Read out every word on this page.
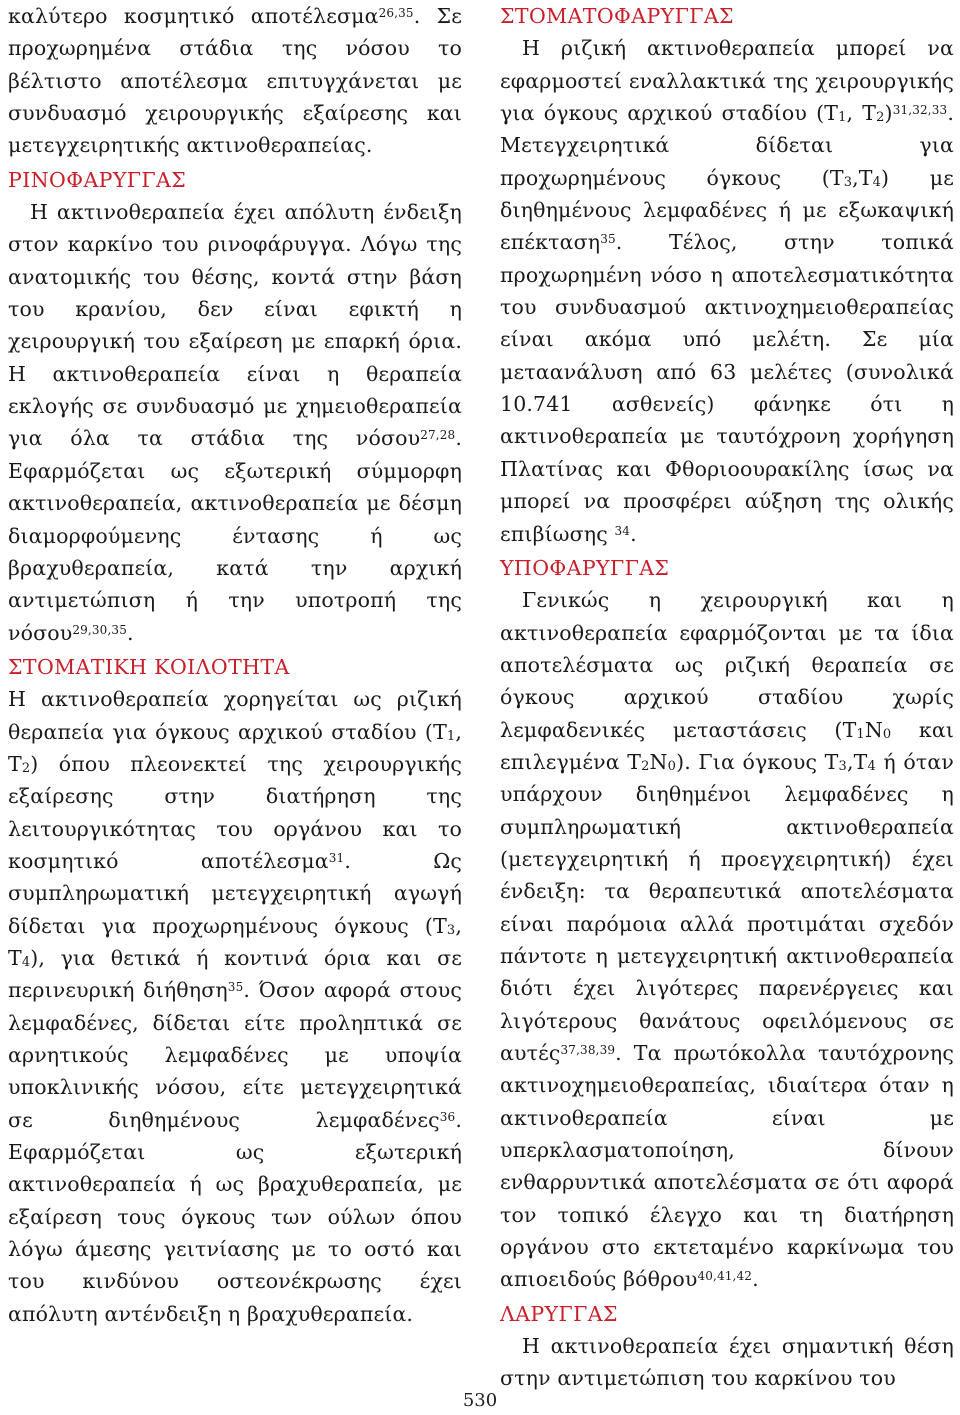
καλύτερο κοσμητικό αποτέλεσμα$^{26,35}$. Σε προχωρημένα στάδια της νόσου το βέλτιστο αποτέλεσμα επιτυγχάνεται με συνδυασμό χειρουργικής εξαίρεσης και μετεγχειρητικής ακτινοθεραπείας.

ΡΙΝΟΦΑΡΥΓΓΑΣ

Η ακτινοθεραπεία έχει απόλυτη ένδειξη στον καρκίνο του ρινοφάρυγγα. Λόγω της ανατομικής του θέσης, κοντά στην βάση του κρανίου, δεν είναι εφικτή η χειρουργική του εξαίρεση με επαρκή όρια. Η ακτινοθεραπεία είναι η θεραπεία εκλογής σε συνδυασμό με χημειοθεραπεία για όλα τα στάδια της νόσου$^{27,28}$. Εφαρμόζεται ως εξωτερική σύμμορφη ακτινοθεραπεία, ακτινοθεραπεία με δέσμη διαμορφούμενης έντασης ή ως βραχυθεραπεία, κατά την αρχική αντιμετώπιση ή την υποτροπή της νόσου$^{29,30,35}$.

ΣΤΟΜΑΤΙΚΗ ΚΟΙΛΟΤΗΤΑ

Η ακτινοθεραπεία χορηγείται ως ριζική θεραπεία για όγκους αρχικού σταδίου ($T_1$, $T_2$) όπου πλεονεκτεί της χειρουργικής εξαίρεσης στην διατήρηση της λειτουργικότητας του οργάνου και το κοσμητικό αποτέλεσμα$^{31}$. Ως συμπληρωματική μετεγχειρητική αγωγή δίδεται για προχωρημένους όγκους ($T_3$, $T_4$), για θετικά ή κοντινά όρια και σε περινευρική διήθηση$^{35}$. Όσον αφορά στους λεμφαδένες, δίδεται είτε προληπτικά σε αρνητικούς λεμφαδένες με υποψία υποκλινικής νόσου, είτε μετεγχειρητικά σε διηθημένους λεμφαδένες$^{36}$. Εφαρμόζεται ως εξωτερική ακτινοθεραπεία ή ως βραχυθεραπεία, με εξαίρεση τους όγκους των ούλων όπου λόγω άμεσης γειτνίασης με το οστό και του κινδύνου οστεονέκρωσης έχει απόλυτη αντένδειξη η βραχυθεραπεία.

ΣΤΟΜΑΤΟΦΑΡΥΓΓΑΣ

Η ριζική ακτινοθεραπεία μπορεί να εφαρμοστεί εναλλακτικά της χειρουργικής για όγκους αρχικού σταδίου ($T_1$, $T_2)^{31,32,33}$. Μετεγχειρητικά δίδεται για προχωρημένους όγκους $(T_3,T_4)$ με διηθημένους λεμφαδένες ή με εξωκαψική επέκταση$^{35}$. Τέλος, στην τοπικά προχωρημένη νόσο η αποτελεσματικότητα του συνδυασμού ακτινοχημειοθεραπείας είναι ακόμα υπό μελέτη. Σε μία μεταανάλυση από 63 μελέτες (συνολικά 10.741 ασθενείς) φάνηκε ότι η ακτινοθεραπεία με ταυτόχρονη χορήγηση Πλατίνας και Φθοριοουρακίλης ίσως να μπορεί να προσφέρει αύξηση της ολικής επιβίωσης $^{34}$.

ΥΠΟΦΑΡΥΓΓΑΣ

Γενικώς η χειρουργική και η ακτινοθεραπεία εφαρμόζονται με τα ίδια αποτελέσματα ως ριζική θεραπεία σε όγκους αρχικού σταδίου χωρίς λεμφαδενικές μεταστάσεις ($T_1N_0$ και επιλεγμένα $T_2N_0$). Για όγκους $T_3,T_4$ ή όταν υπάρχουν διηθημένοι λεμφαδένες η συμπληρωματική ακτινοθεραπεία (μετεγχειρητική ή προεγχειρητική) έχει ένδειξη: τα θεραπευτικά αποτελέσματα είναι παρόμοια αλλά προτιμάται σχεδόν πάντοτε η μετεγχειρητική ακτινοθεραπεία διότι έχει λιγότερες παρενέργειες και λιγότερους θανάτους οφειλόμενους σε αυτές$^{37,38,39}$. Τα πρωτόκολλα ταυτόχρονης ακτινοχημειοθεραπείας, ιδιαίτερα όταν η ακτινοθεραπεία είναι με υπερκλασματοποίηση, δίνουν ενθαρρυντικά αποτελέσματα σε ότι αφορά τον τοπικό έλεγχο και τη διατήρηση οργάνου στο εκτεταμένο καρκίνωμα του απιοειδούς βόθρου$^{40,41,42}$.

ΛΑΡΥΓΓΑΣ

Η ακτινοθεραπεία έχει σημαντική θέση στην αντιμετώπιση του καρκίνου του

530
